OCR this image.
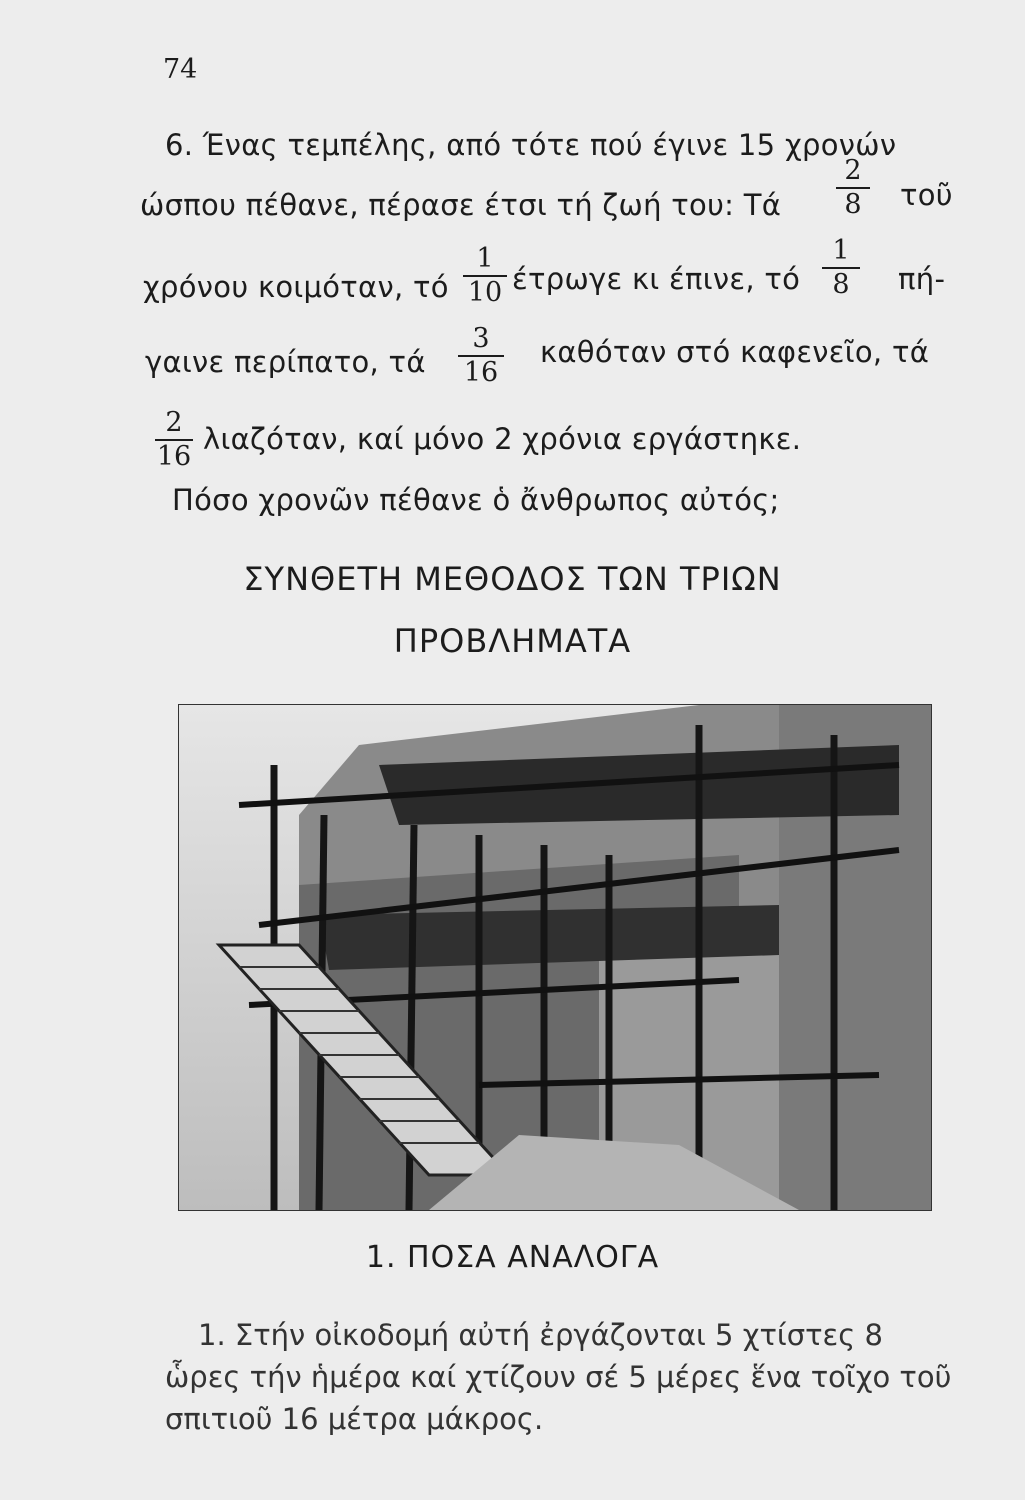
74
6. Ένας τεμπέλης, από τότε πού έγινε 15 χρονών
ώσπου πέθανε, πέρασε έτσι τή ζωή του: Τά
2
8 τοῦ
χρόνου κοιμόταν, τό
1
10 έτρωγε κι έπινε, τό
1
8	πή-
γαινε περίπατο, τά
3
16
καθόταν στό καφενεῖο, τά
2
16 λιαζόταν, καί μόνο 2 χρόνια εργάστηκε.
Πόσο χρονῶν πέθανε ὁ ἄνθρωπος αὐτός;
ΣΥΝΘΕΤΗ ΜΕΘΟΔΟΣ ΤΩΝ ΤΡΙΩΝ
ΠΡΟΒΛΗΜΑΤΑ
1. ΠΟΣΑ ΑΝΑΛΟΓΑ
1. Στήν οἰκοδομή αὐτή ἐργάζονται 5 χτίστες 8
ὧρες τήν ἡμέρα καί χτίζουν σέ 5 μέρες ἕνα τοῖχο τοῦ
σπιτιοῦ 16 μέτρα μάκρος.
